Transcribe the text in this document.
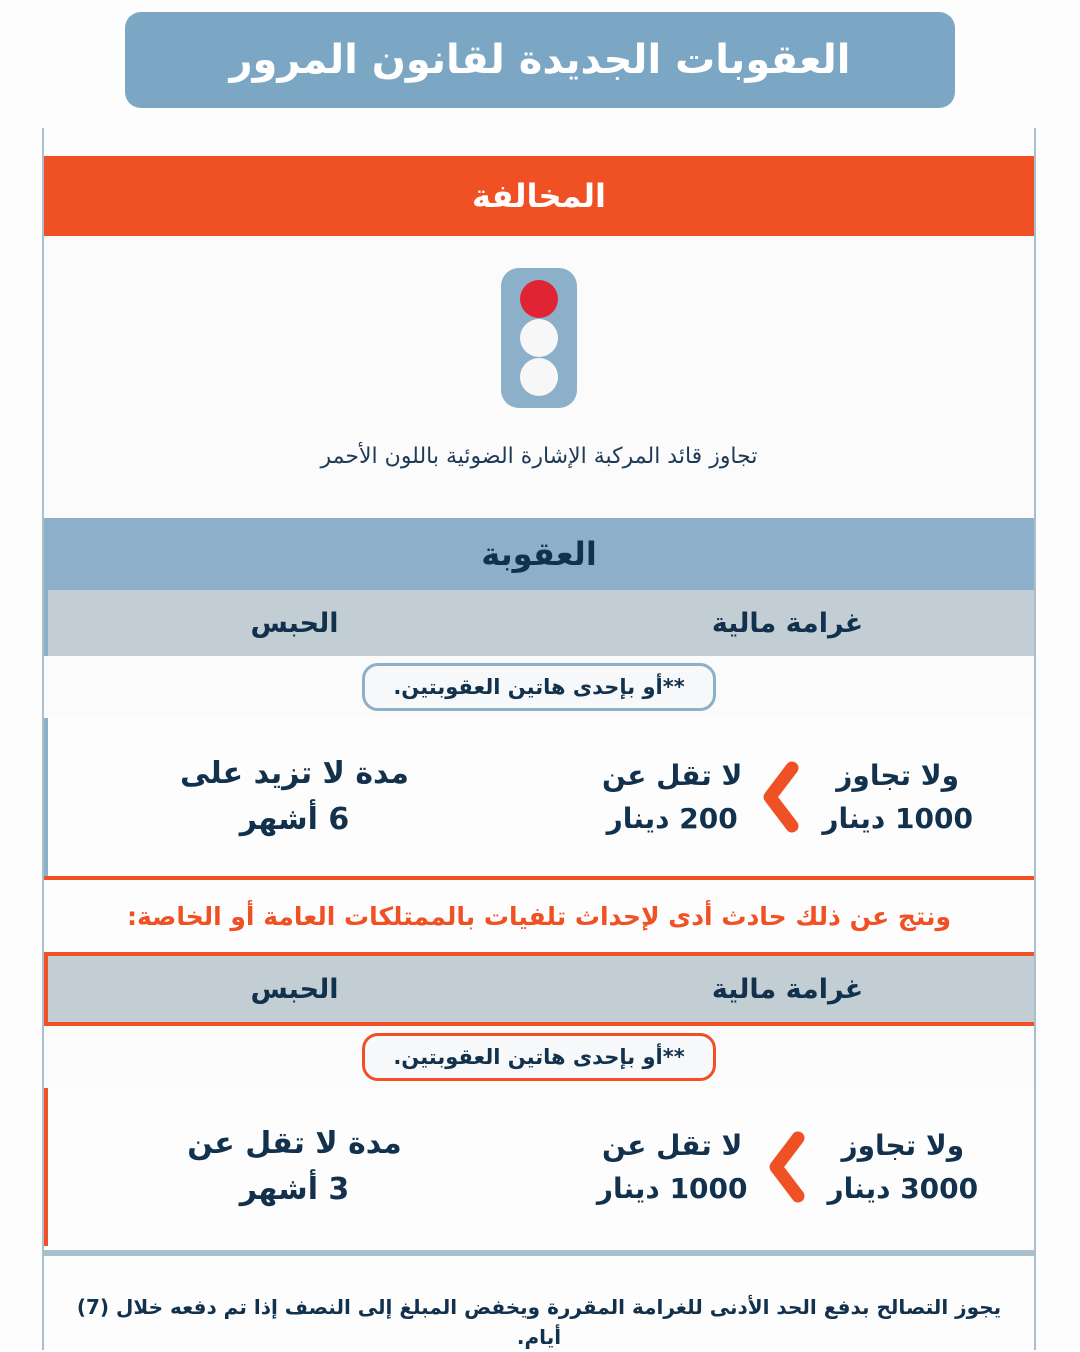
العقوبات الجديدة لقانون المرور
المخالفة
تجاوز قائد المركبة الإشارة الضوئية باللون الأحمر
العقوبة
غرامة مالية
الحبس
**أو بإحدى هاتين العقوبتين.
ولا تجاوز
1000 دينار
لا تقل عن
200 دينار
مدة لا تزيد على
6 أشهر
ونتج عن ذلك حادث أدى لإحداث تلفيات بالممتلكات العامة أو الخاصة:
غرامة مالية
الحبس
**أو بإحدى هاتين العقوبتين.
ولا تجاوز
3000 دينار
لا تقل عن
1000 دينار
مدة لا تقل عن
3 أشهر
يجوز التصالح بدفع الحد الأدنى للغرامة المقررة ويخفض المبلغ إلى النصف إذا تم دفعه خلال (7) أيام.
